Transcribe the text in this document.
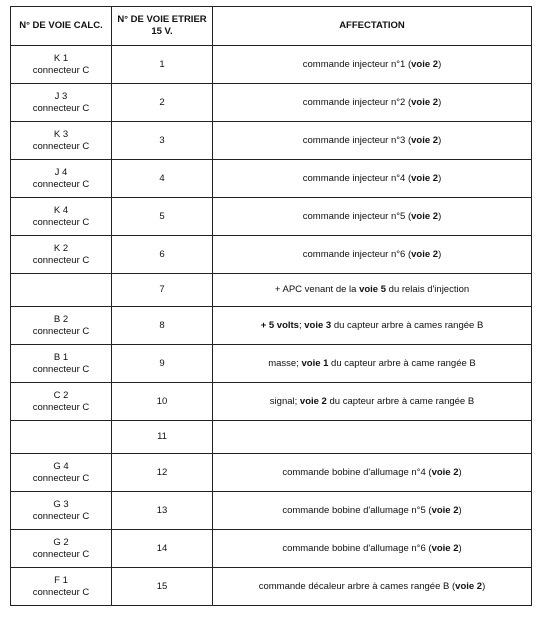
N° DE VOIE CALC.	N° DE VOIE ETRIER 15 V.	AFFECTATION

K 1
connecteur C	1	commande injecteur n°1 (voie 2)

J 3
connecteur C	2	commande injecteur n°2 (voie 2)

K 3
connecteur C	3	commande injecteur n°3 (voie 2)

J 4
connecteur C	4	commande injecteur n°4 (voie 2)

K 4
connecteur C	5	commande injecteur n°5 (voie 2)

K 2
connecteur C	6	commande injecteur n°6 (voie 2)

	7	+ APC venant de la voie 5 du relais d'injection

B 2
connecteur C	8	+ 5 volts; voie 3 du capteur arbre à cames rangée B

B 1
connecteur C	9	masse; voie 1 du capteur arbre à came rangée B

C 2
connecteur C	10	signal; voie 2 du capteur arbre à came rangée B

	11	

G 4
connecteur C	12	commande bobine d'allumage n°4 (voie 2)

G 3
connecteur C	13	commande bobine d'allumage n°5 (voie 2)

G 2
connecteur C	14	commande bobine d'allumage n°6 (voie 2)

F 1
connecteur C	15	commande décaleur arbre à cames rangée B (voie 2)
